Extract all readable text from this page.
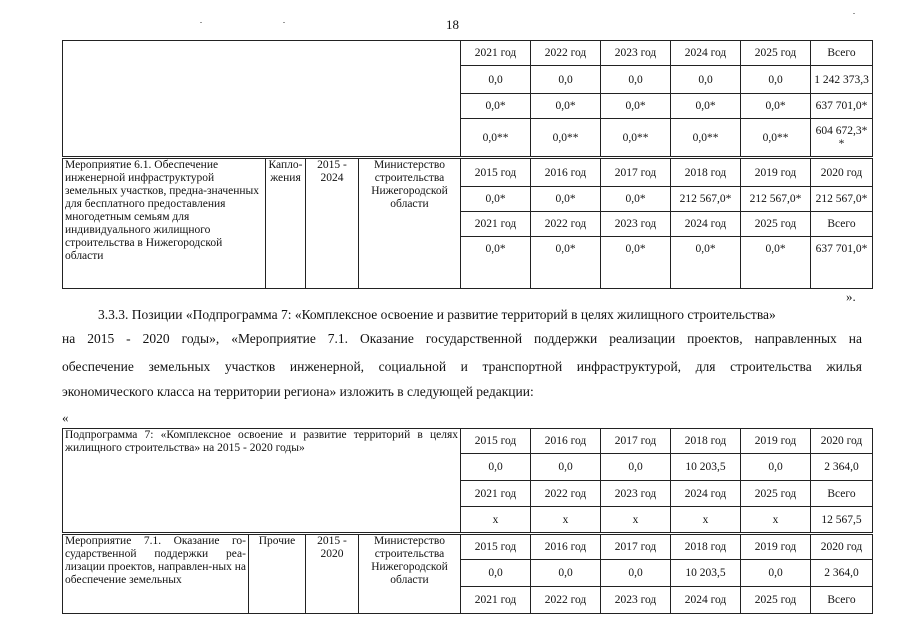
18
	2021 год	2022 год	2023 год	2024 год	2025 год	Всего
	0,0	0,0	0,0	0,0	0,0	1 242 373,3
	0,0*	0,0*	0,0*	0,0*	0,0*	637 701,0*
	0,0**	0,0**	0,0**	0,0**	0,0**	604 672,3*
*
Мероприятие 6.1. Обеспечение инженерной инфраструктурой земельных участков, предна-значенных для бесплатного предоставления многодетным семьям для индивидуального жилищного строительства в Нижегородской области	Капло-жения	2015 - 2024	Министерство строительства Нижегородской области	2015 год	2016 год	2017 год	2018 год	2019 год	2020 год
				0,0*	0,0*	0,0*	212 567,0*	212 567,0*	212 567,0*
				2021 год	2022 год	2023 год	2024 год	2025 год	Всего
				0,0*	0,0*	0,0*	0,0*	0,0*	637 701,0*
».
3.3.3. Позиции «Подпрограмма 7: «Комплексное освоение и развитие территорий в целях жилищного строительства»
на 2015 - 2020 годы», «Мероприятие 7.1. Оказание государственной поддержки реализации проектов, направленных на
обеспечение земельных участков инженерной, социальной и транспортной инфраструктурой, для строительства жилья
экономического класса на территории региона» изложить в следующей редакции:
«
Подпрограмма 7: «Комплексное освоение и развитие территорий в целях жилищного строительства» на 2015 - 2020 годы»	2015 год	2016 год	2017 год	2018 год	2019 год	2020 год
	0,0	0,0	0,0	10 203,5	0,0	2 364,0
	2021 год	2022 год	2023 год	2024 год	2025 год	Всего
	х	х	х	х	х	12 567,5
Мероприятие 7.1. Оказание го-сударственной поддержки реа-лизации проектов, направлен-ных на обеспечение земельных	Прочие	2015 - 2020	Министерство строительства Нижегородской области	2015 год	2016 год	2017 год	2018 год	2019 год	2020 год
				0,0	0,0	0,0	10 203,5	0,0	2 364,0
				2021 год	2022 год	2023 год	2024 год	2025 год	Всего
